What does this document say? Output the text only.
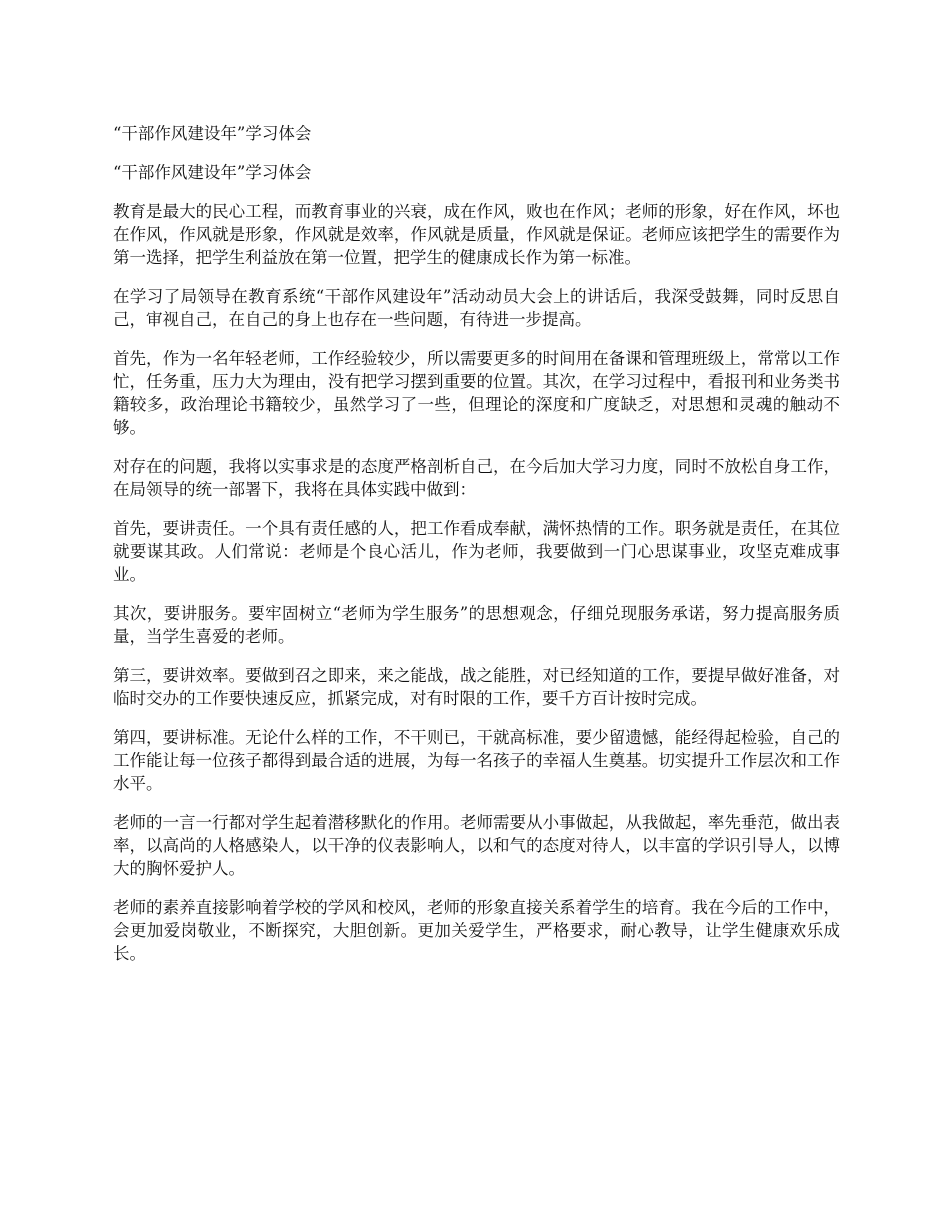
“干部作风建设年”学习体会

“干部作风建设年”学习体会

教育是最大的民心工程，而教育事业的兴衰，成在作风，败也在作风；老师的形象，好在作风，坏也在作风，作风就是形象，作风就是效率，作风就是质量，作风就是保证。老师应该把学生的需要作为第一选择，把学生利益放在第一位置，把学生的健康成长作为第一标准。

在学习了局领导在教育系统“干部作风建设年”活动动员大会上的讲话后，我深受鼓舞，同时反思自己，审视自己，在自己的身上也存在一些问题，有待进一步提高。

首先，作为一名年轻老师，工作经验较少，所以需要更多的时间用在备课和管理班级上，常常以工作忙，任务重，压力大为理由，没有把学习摆到重要的位置。其次，在学习过程中，看报刊和业务类书籍较多，政治理论书籍较少，虽然学习了一些，但理论的深度和广度缺乏，对思想和灵魂的触动不够。

对存在的问题，我将以实事求是的态度严格剖析自己，在今后加大学习力度，同时不放松自身工作，在局领导的统一部署下，我将在具体实践中做到：

首先，要讲责任。一个具有责任感的人，把工作看成奉献，满怀热情的工作。职务就是责任，在其位就要谋其政。人们常说：老师是个良心活儿，作为老师，我要做到一门心思谋事业，攻坚克难成事业。

其次，要讲服务。要牢固树立“老师为学生服务”的思想观念，仔细兑现服务承诺，努力提高服务质量，当学生喜爱的老师。

第三，要讲效率。要做到召之即来，来之能战，战之能胜，对已经知道的工作，要提早做好准备，对临时交办的工作要快速反应，抓紧完成，对有时限的工作，要千方百计按时完成。

第四，要讲标准。无论什么样的工作，不干则已，干就高标准，要少留遗憾，能经得起检验，自己的工作能让每一位孩子都得到最合适的进展，为每一名孩子的幸福人生奠基。切实提升工作层次和工作水平。

老师的一言一行都对学生起着潜移默化的作用。老师需要从小事做起，从我做起，率先垂范，做出表率，以高尚的人格感染人，以干净的仪表影响人，以和气的态度对待人，以丰富的学识引导人，以博大的胸怀爱护人。

老师的素养直接影响着学校的学风和校风，老师的形象直接关系着学生的培育。我在今后的工作中，会更加爱岗敬业，不断探究，大胆创新。更加关爱学生，严格要求，耐心教导，让学生健康欢乐成长。
